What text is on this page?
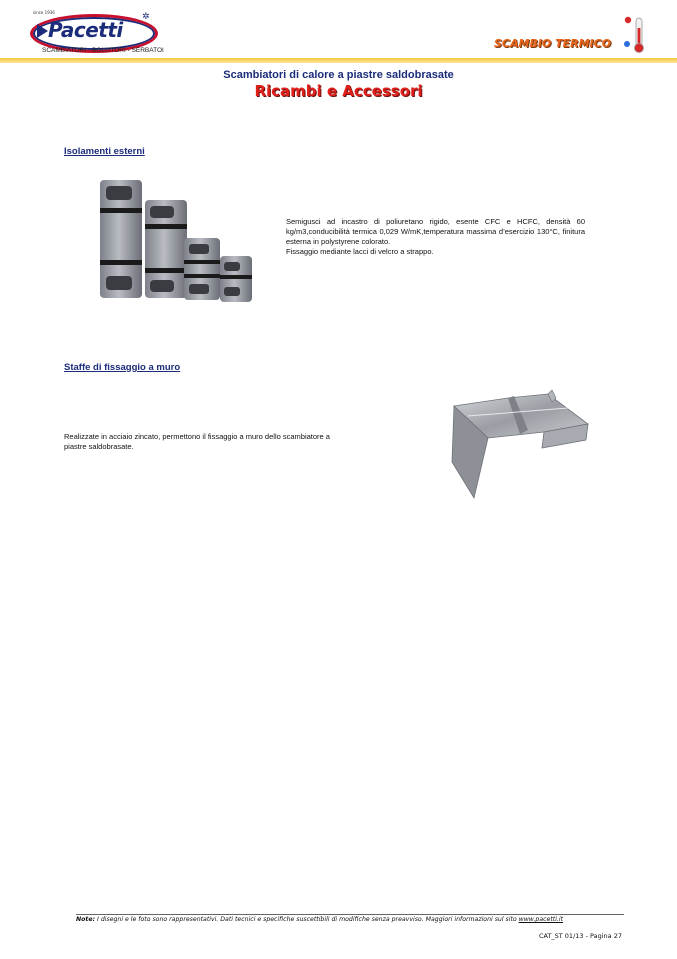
Pacetti
since 1936	✲
SCAMBIATORI - BOLLITORI - SERBATOI
SCAMBIO TERMICO
Scambiatori di calore a piastre saldobrasate
Ricambi e Accessori
Isolamenti esterni

Semigusci ad incastro di poliuretano rigido, esente CFC e HCFC, densità 60 kg/m3,conducibilità termica 0,029 W/mK,temperatura massima d’esercizio 130°C, finitura esterna in polystyrene colorato.

Fissaggio mediante lacci di velcro a strappo.

Staffe di fissaggio a muro

Realizzate in acciaio zincato, permettono il fissaggio a muro dello scambiatore a piastre saldobrasate.

Note: I disegni e le foto sono rappresentativi. Dati tecnici e specifiche suscettibili di modifiche senza preavviso. Maggiori informazioni sul sito www.pacetti.it
CAT_ST 01/13 - Pagina 27
